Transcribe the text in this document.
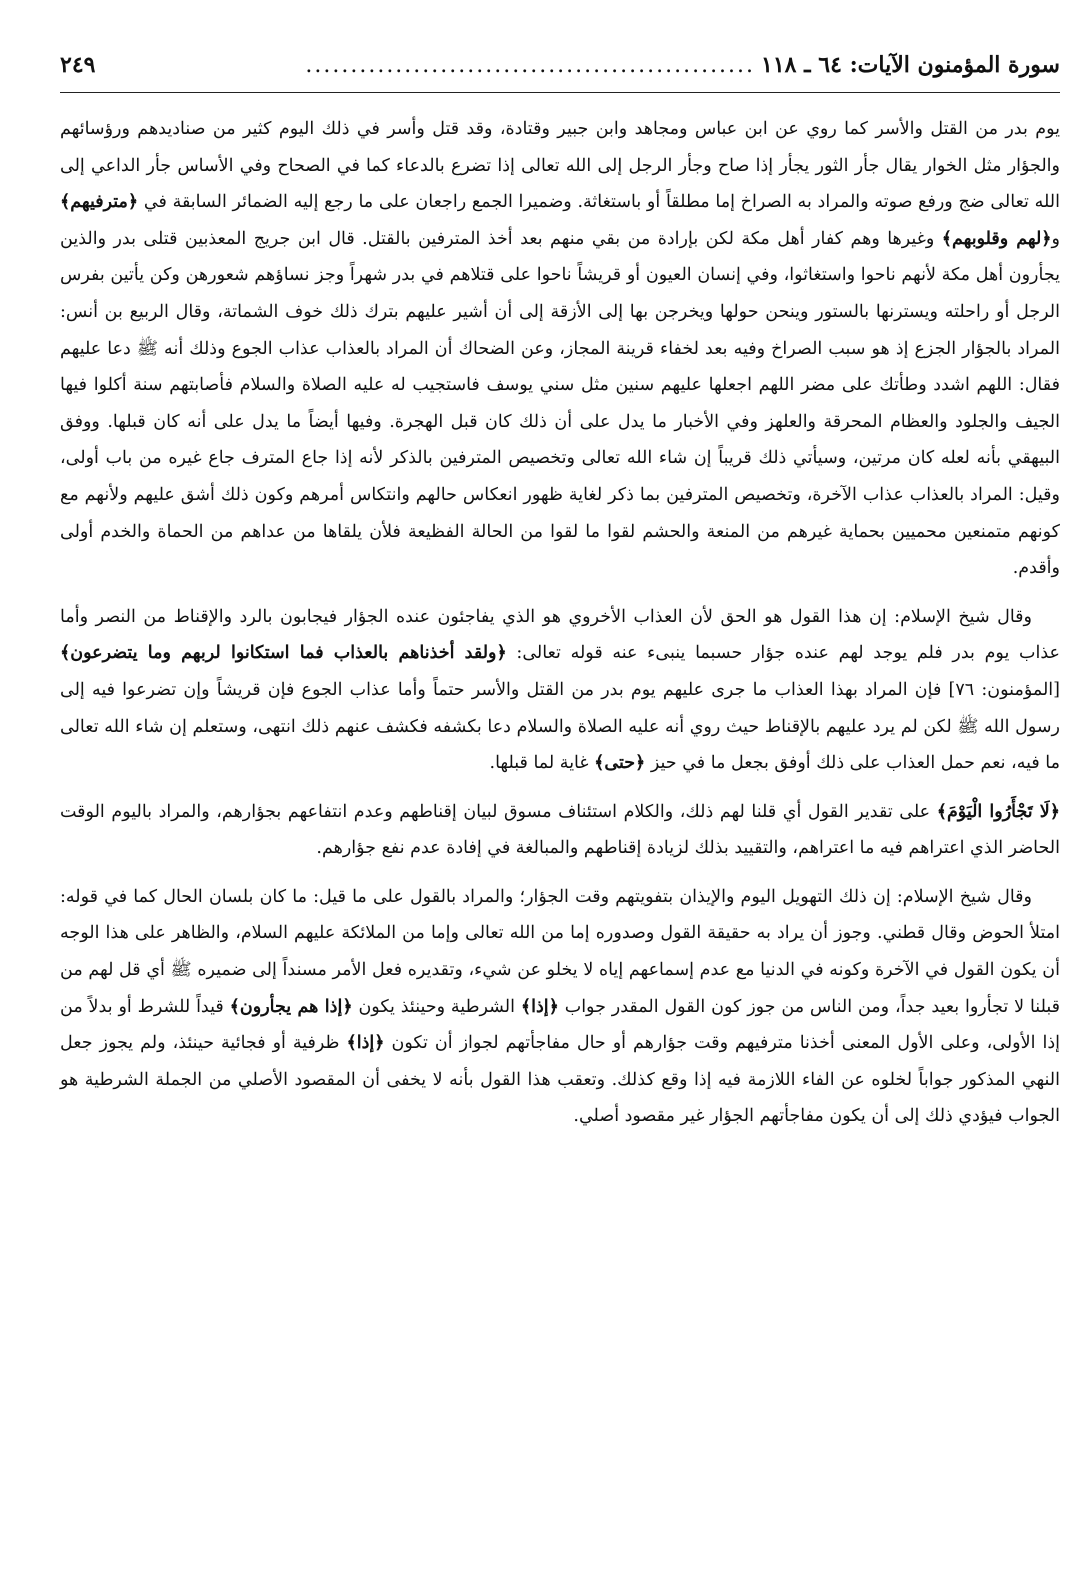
سورة المؤمنون الآيات: ٦٤ ـ ١١٨
..................................................
٢٤٩

يوم بدر من القتل والأسر كما روي عن ابن عباس ومجاهد وابن جبير وقتادة، وقد قتل وأسر في ذلك اليوم كثير من صناديدهم ورؤسائهم والجؤار مثل الخوار يقال جأر الثور يجأر إذا صاح وجأر الرجل إلى الله تعالى إذا تضرع بالدعاء كما في الصحاح وفي الأساس جأر الداعي إلى الله تعالى ضج ورفع صوته والمراد به الصراخ إما مطلقاً أو باستغاثة. وضميرا الجمع راجعان على ما رجع إليه الضمائر السابقة في ﴿مترفيهم﴾ و﴿لهم وقلوبهم﴾ وغيرها وهم كفار أهل مكة لكن بإرادة من بقي منهم بعد أخذ المترفين بالقتل. قال ابن جريج المعذبين قتلى بدر والذين يجأرون أهل مكة لأنهم ناحوا واستغاثوا، وفي إنسان العيون أو قريشاً ناحوا على قتلاهم في بدر شهراً وجز نساؤهم شعورهن وكن يأتين بفرس الرجل أو راحلته ويسترنها بالستور وينحن حولها ويخرجن بها إلى الأزقة إلى أن أشير عليهم بترك ذلك خوف الشماتة، وقال الربيع بن أنس: المراد بالجؤار الجزع إذ هو سبب الصراخ وفيه بعد لخفاء قرينة المجاز، وعن الضحاك أن المراد بالعذاب عذاب الجوع وذلك أنه ﷺ دعا عليهم فقال: اللهم اشدد وطأتك على مضر اللهم اجعلها عليهم سنين مثل سني يوسف فاستجيب له عليه الصلاة والسلام فأصابتهم سنة أكلوا فيها الجيف والجلود والعظام المحرقة والعلهز وفي الأخبار ما يدل على أن ذلك كان قبل الهجرة. وفيها أيضاً ما يدل على أنه كان قبلها. ووفق البيهقي بأنه لعله كان مرتين، وسيأتي ذلك قريباً إن شاء الله تعالى وتخصيص المترفين بالذكر لأنه إذا جاع المترف جاع غيره من باب أولى، وقيل: المراد بالعذاب عذاب الآخرة، وتخصيص المترفين بما ذكر لغاية ظهور انعكاس حالهم وانتكاس أمرهم وكون ذلك أشق عليهم ولأنهم مع كونهم متمنعين محميين بحماية غيرهم من المنعة والحشم لقوا ما لقوا من الحالة الفظيعة فلأن يلقاها من عداهم من الحماة والخدم أولى وأقدم.

وقال شيخ الإسلام: إن هذا القول هو الحق لأن العذاب الأخروي هو الذي يفاجئون عنده الجؤار فيجابون بالرد والإقناط من النصر وأما عذاب يوم بدر فلم يوجد لهم عنده جؤار حسبما ينبىء عنه قوله تعالى: ﴿ولقد أخذناهم بالعذاب فما استكانوا لربهم وما يتضرعون﴾ [المؤمنون: ٧٦] فإن المراد بهذا العذاب ما جرى عليهم يوم بدر من القتل والأسر حتماً وأما عذاب الجوع فإن قريشاً وإن تضرعوا فيه إلى رسول الله ﷺ لكن لم يرد عليهم بالإقناط حيث روي أنه عليه الصلاة والسلام دعا بكشفه فكشف عنهم ذلك انتهى، وستعلم إن شاء الله تعالى ما فيه، نعم حمل العذاب على ذلك أوفق بجعل ما في حيز ﴿حتى﴾ غاية لما قبلها.

﴿لَا تَجْأَرُوا الْيَوْمَ﴾ على تقدير القول أي قلنا لهم ذلك، والكلام استئناف مسوق لبيان إقناطهم وعدم انتفاعهم بجؤارهم، والمراد باليوم الوقت الحاضر الذي اعتراهم فيه ما اعتراهم، والتقييد بذلك لزيادة إقناطهم والمبالغة في إفادة عدم نفع جؤارهم.

وقال شيخ الإسلام: إن ذلك التهويل اليوم والإيذان بتفويتهم وقت الجؤار؛ والمراد بالقول على ما قيل: ما كان بلسان الحال كما في قوله: امتلأ الحوض وقال قطني. وجوز أن يراد به حقيقة القول وصدوره إما من الله تعالى وإما من الملائكة عليهم السلام، والظاهر على هذا الوجه أن يكون القول في الآخرة وكونه في الدنيا مع عدم إسماعهم إياه لا يخلو عن شيء، وتقديره فعل الأمر مسنداً إلى ضميره ﷺ أي قل لهم من قبلنا لا تجأروا بعيد جداً، ومن الناس من جوز كون القول المقدر جواب ﴿إذا﴾ الشرطية وحينئذ يكون ﴿إذا هم يجأرون﴾ قيداً للشرط أو بدلاً من إذا الأولى، وعلى الأول المعنى أخذنا مترفيهم وقت جؤارهم أو حال مفاجأتهم لجواز أن تكون ﴿إذا﴾ ظرفية أو فجائية حينئذ، ولم يجوز جعل النهي المذكور جواباً لخلوه عن الفاء اللازمة فيه إذا وقع كذلك. وتعقب هذا القول بأنه لا يخفى أن المقصود الأصلي من الجملة الشرطية هو الجواب فيؤدي ذلك إلى أن يكون مفاجأتهم الجؤار غير مقصود أصلي.
